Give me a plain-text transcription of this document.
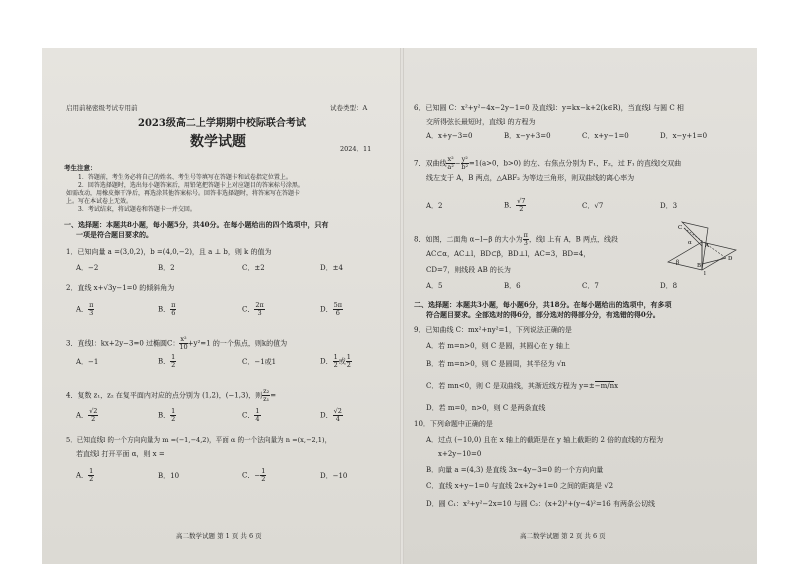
启用前秘密级考试专用前	试卷类型：A
2023级高二上学期期中校际联合考试
数学试题	2024．11
考生注意：
1．答题前，考生务必将自己的姓名、考生号等填写在答题卡和试卷指定位置上。
2．回答选择题时，选出每小题答案后，用铅笔把答题卡上对应题目的答案标号涂黑。
如需改动，用橡皮擦干净后，再选涂其他答案标号。回答非选择题时，将答案写在答题卡
上。写在本试卷上无效。
3．考试结束，将试题卷和答题卡一并交回。
一、选择题：本题共8小题，每小题5分，共40分。在每小题给出的四个选项中，只有
一项是符合题目要求的。
1．已知向量 a =(3,0,2)，b =(4,0,−2)，且 a ⊥ b，则 k 的值为
A．−2	B．2	C．±2	D．±4
2．直线 x+√3y−1=0 的倾斜角为
A． $\frac{\pi}{3}$	B． $\frac{\pi}{6}$	C． $\frac{2\pi}{3}$	D． $\frac{5\pi}{6}$
3．直线l：kx+2y−3=0 过椭圆C： $\frac{\text{x²}}{10} +y^2=1$ 的一个焦点，则k的值为
A．−1	B． $\frac{1}{2}$	C．−1或1	D． $\frac{1}{2}$ 或 $\frac{1}{2}$
4．复数 z₁，z₂ 在复平面内对应的点分别为 (1,2)，(−1,3)，则 $\frac{\text{z₂}}{\text{z₁}}$ =
A． $\frac{√2}{2}$	B． $\frac{1}{2}$	C． $\frac{1}{4}$	D． $\frac{√2}{4}$
5．已知直线l 的一个方向向量为 m =(−1,−4,2)，平面 α 的一个法向量为 n =(x,−2,1)，
若直线l 打开平面 α，则 x =
A． $\frac{1}{2}$	B．10	C．− $\frac{1}{2}$	D．−10
高二数学试题 第 1 页 共 6 页
6．已知圆 C：x²+y²−4x−2y−1=0 及直线l：y=kx−k+2(k∈R)，当直线l 与圆 C 相
交所得弦长最短时，直线l 的方程为
A．x+y−3=0	B．x−y+3=0	C．x+y−1=0	D．x−y+1=0
7．双曲线 $\frac{\text{x²}}{\text{a²}} - \frac{\text{y²}}{\text{b²}} =1(a>0$，b>0) 的左、右焦点分别为 F₁，F₂，过 F₁ 的直线l交双曲
线左支于 A，B 两点，△ABF₂ 为等边三角形，则双曲线的离心率为
A．2	B． $\frac{√7}{2}$	C．√7	D．3
8．如图，二面角 α−l−β 的大小为 $\frac{\pi}{3}$ ，线l 上有 A，B 两点，线段
AC⊂α，AC⊥l，BD⊂β，BD⊥l，AC=3，BD=4，
CD=7，则线段 AB 的长为
A．5	B．6	C．7	D．8
A
B
C
D
α
β
l
二、选择题：本题共3小题，每小题6分，共18分。在每小题给出的选项中，有多项
符合题目要求。全部选对的得6分，部分选对的得部分分，有选错的得0分。
9．已知曲线 C：mx²+ny²=1，下列说法正确的是
A．若 m=n>0，则 C 是圆，其圆心在 y 轴上
B．若 m=n>0，则 C 是圆周，其半径为 √n
C．若 mn<0，则 C 是双曲线，其渐近线方程为 y=±−m/nx
D．若 m=0，n>0，则 C 是两条直线
10．下列命题中正确的是
A．过点 (−10,0) 且在 x 轴上的截距是在 y 轴上截距的 2 倍的直线的方程为
x+2y−10=0
B．向量 a =(4,3) 是直线 3x−4y−3=0 的一个方向向量
C．直线 x+y−1=0 与直线 2x+2y+1=0 之间的距离是 √2
D．圆 C₁：x²+y²−2x=10 与圆 C₂：(x+2)²+(y−4)²=16 有两条公切线
高二数学试题 第 2 页 共 6 页
